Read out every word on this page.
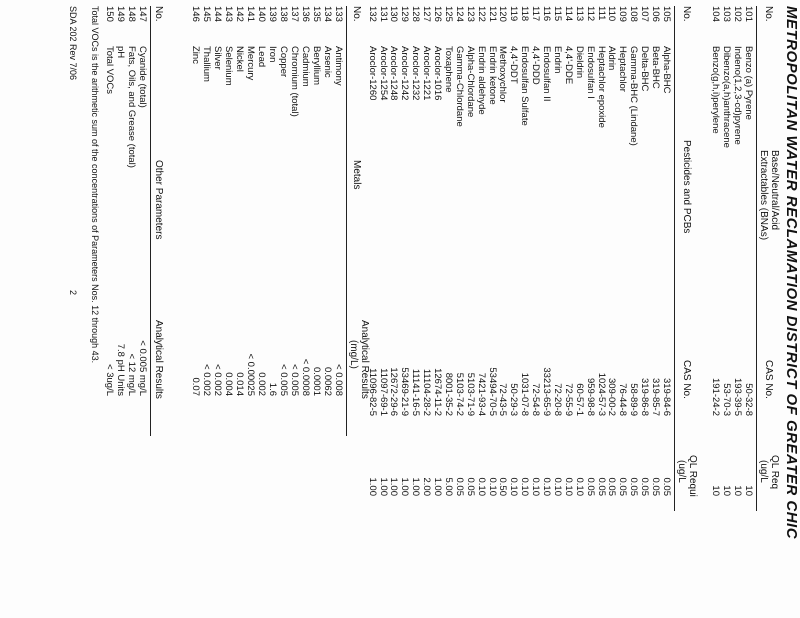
METROPOLITAN WATER RECLAMATION DISTRICT OF GREATER CHIC
No.
Base/Neutral/Acid
Extractables (BNAs)
CAS No.
QL Req
(ug/L
101
Benzo (a) Pyrene
50-32-8
10
102
Indeno(1,2,3-cd)pyrene
193-39-5
10
103
Dibenzo(a,h)anthracene
53-70-3
10
104
Benzo(g,h,i)perylene
191-24-2
10
No.
Pesticides and PCBs
CAS No.
QL Requi
(ug/L
105
Alpha-BHC
319-84-6
0.05
106
Beta-BHC
319-85-7
0.05
107
Delta-BHC
319-86-8
0.05
108
Gamma-BHC (Lindane)
58-89-9
0.05
109
Heptachlor
76-44-8
0.05
110
Aldrin
309-00-2
0.05
111
Heptachlor epoxide
1024-57-3
0.05
112
Endosulfan I
959-98-8
0.05
113
Dieldrin
60-57-1
0.10
114
4,4'-DDE
72-55-9
0.10
115
Endrin
72-20-8
0.10
116
Endosulfan II
33213-65-9
0.10
117
4,4'-DDD
72-54-8
0.10
118
Endosulfan Sulfate
1031-07-8
0.10
119
4,4'-DDT
50-29-3
0.10
120
Methoxychlor
72-43-5
0.50
121
Endrin ketone
53494-70-5
0.10
122
Endrin aldehyde
7421-93-4
0.10
123
Alpha-Chlordane
5103-71-9
0.05
124
Gamma-Chlordane
5103-74-2
0.05
125
Toxaphene
8001-35-2
5.00
126
Aroclor-1016
12674-11-2
1.00
127
Aroclor-1221
11104-28-2
2.00
128
Aroclor-1232
11141-16-5
1.00
129
Aroclor-1242
53469-21-9
1.00
130
Aroclor-1248
12672-29-6
1.00
131
Aroclor-1254
11097-69-1
1.00
132
Aroclor-1260
11096-82-5
1.00
No.
Metals
Analytical Results
(mg/L)
133
Antimony
< 0.008
134
Arsenic
0.0062
135
Beryllium
0.0001
136
Cadmium
< 0.0008
137
Chromium (total)
< 0.005
138
Copper
< 0.005
139
Iron
1.6
140
Lead
0.002
141
Mercury
< 0.00025
142
Nickel
0.014
143
Selenium
0.004
144
Silver
< 0.002
145
Thallium
< 0.002
146
Zinc
0.07
No.
Other Parameters
Analytical Results
147
Cyanide (total)
< 0.005 mg/L
148
Fats, Oils, and Grease (total)
< 12 mg/L
149
pH
7.8 pH Units
150
Total VOCs
< 3ug/L
Total VOCs is the arithmetic sum of the concentrations of Parameters Nos. 12 through 43.
SDA 202 Rev 7/06
2
